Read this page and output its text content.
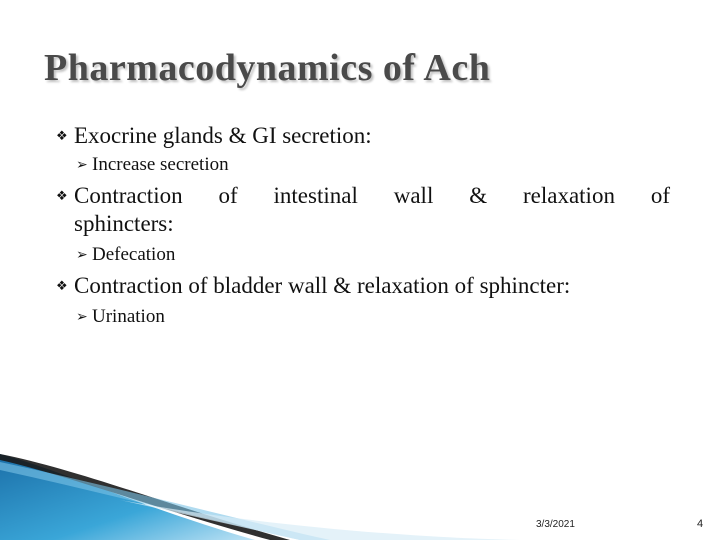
Pharmacodynamics of Ach
❖ Exocrine glands & GI secretion:
➢ Increase secretion
❖ Contraction of intestinal wall & relaxation of
sphincters:
➢ Defecation
❖ Contraction of bladder wall & relaxation of sphincter:
➢ Urination
3/3/2021	4
